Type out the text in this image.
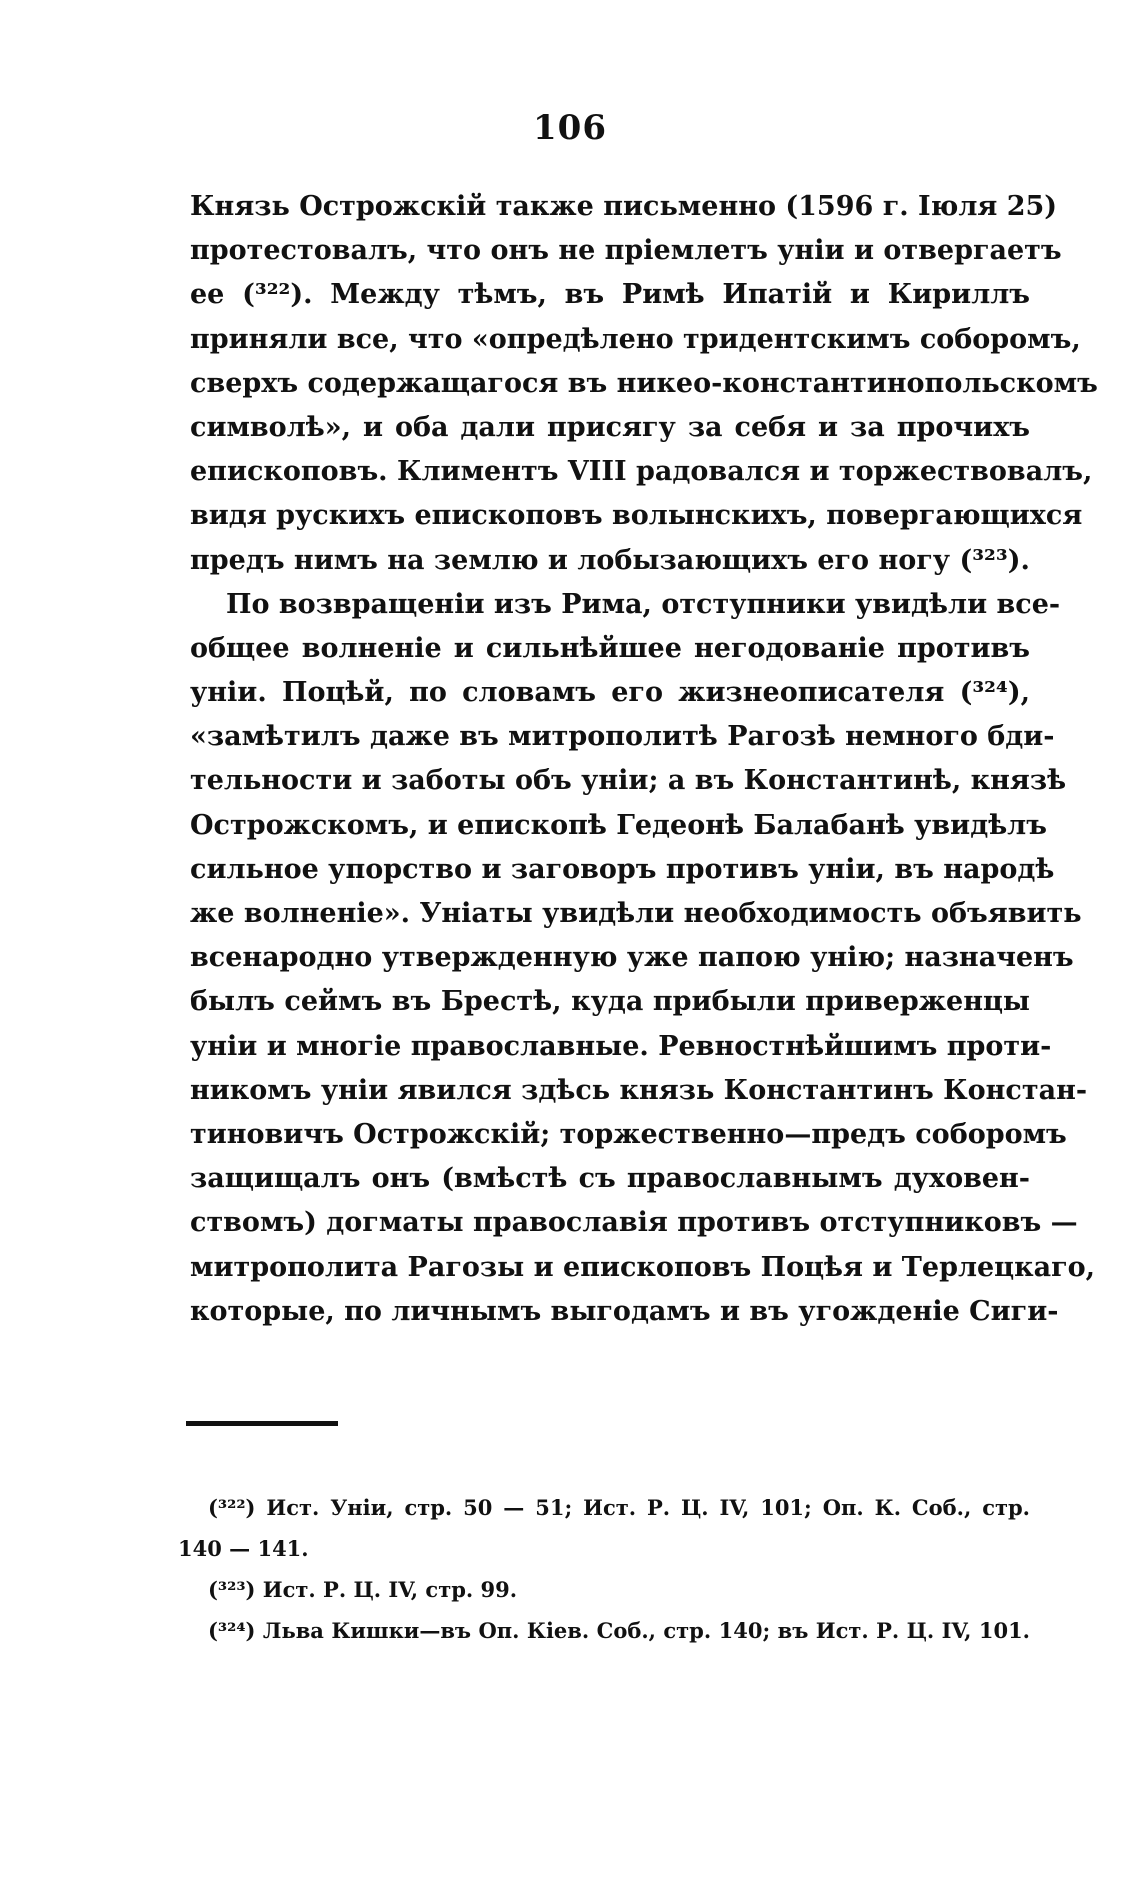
106
Князь Острожскій также письменно (1596 г. Іюля 25)
протестовалъ, что онъ не пріемлетъ уніи и отвергаетъ
ее (³²²). Между тѣмъ, въ Римѣ Ипатій и Кириллъ
приняли все, что «опредѣлено тридентскимъ соборомъ,
сверхъ содержащагося въ никео-константинопольскомъ
символѣ», и оба дали присягу за себя и за прочихъ
епископовъ. Климентъ VIII радовался и торжествовалъ,
видя рускихъ епископовъ волынскихъ, повергающихся
предъ нимъ на землю и лобызающихъ его ногу (³²³).
По возвращеніи изъ Рима, отступники увидѣли все-
общее волненіе и сильнѣйшее негодованіе противъ
уніи. Поцѣй, по словамъ его жизнеописателя (³²⁴),
«замѣтилъ даже въ митрополитѣ Рагозѣ немного бди-
тельности и заботы объ уніи; а въ Константинѣ, князѣ
Острожскомъ, и епископѣ Гедеонѣ Балабанѣ увидѣлъ
сильное упорство и заговоръ противъ уніи, въ народѣ
же волненіе». Уніаты увидѣли необходимость объявить
всенародно утвержденную уже папою унію; назначенъ
былъ сеймъ въ Брестѣ, куда прибыли приверженцы
уніи и многіе православные. Ревностнѣйшимъ проти-
никомъ уніи явился здѣсь князь Константинъ Констан-
тиновичъ Острожскій; торжественно—предъ соборомъ
защищалъ онъ (вмѣстѣ съ православнымъ духовен-
ствомъ) догматы православія противъ отступниковъ —
митрополита Рагозы и епископовъ Поцѣя и Терлецкаго,
которые, по личнымъ выгодамъ и въ угожденіе Сиги-
(³²²) Ист. Уніи, стр. 50 — 51; Ист. Р. Ц. IV, 101; Оп. К. Соб., стр.
140 — 141.
(³²³) Ист. Р. Ц. IV, стр. 99.
(³²⁴) Льва Кишки—въ Оп. Кіев. Соб., стр. 140; въ Ист. Р. Ц. IV, 101.
